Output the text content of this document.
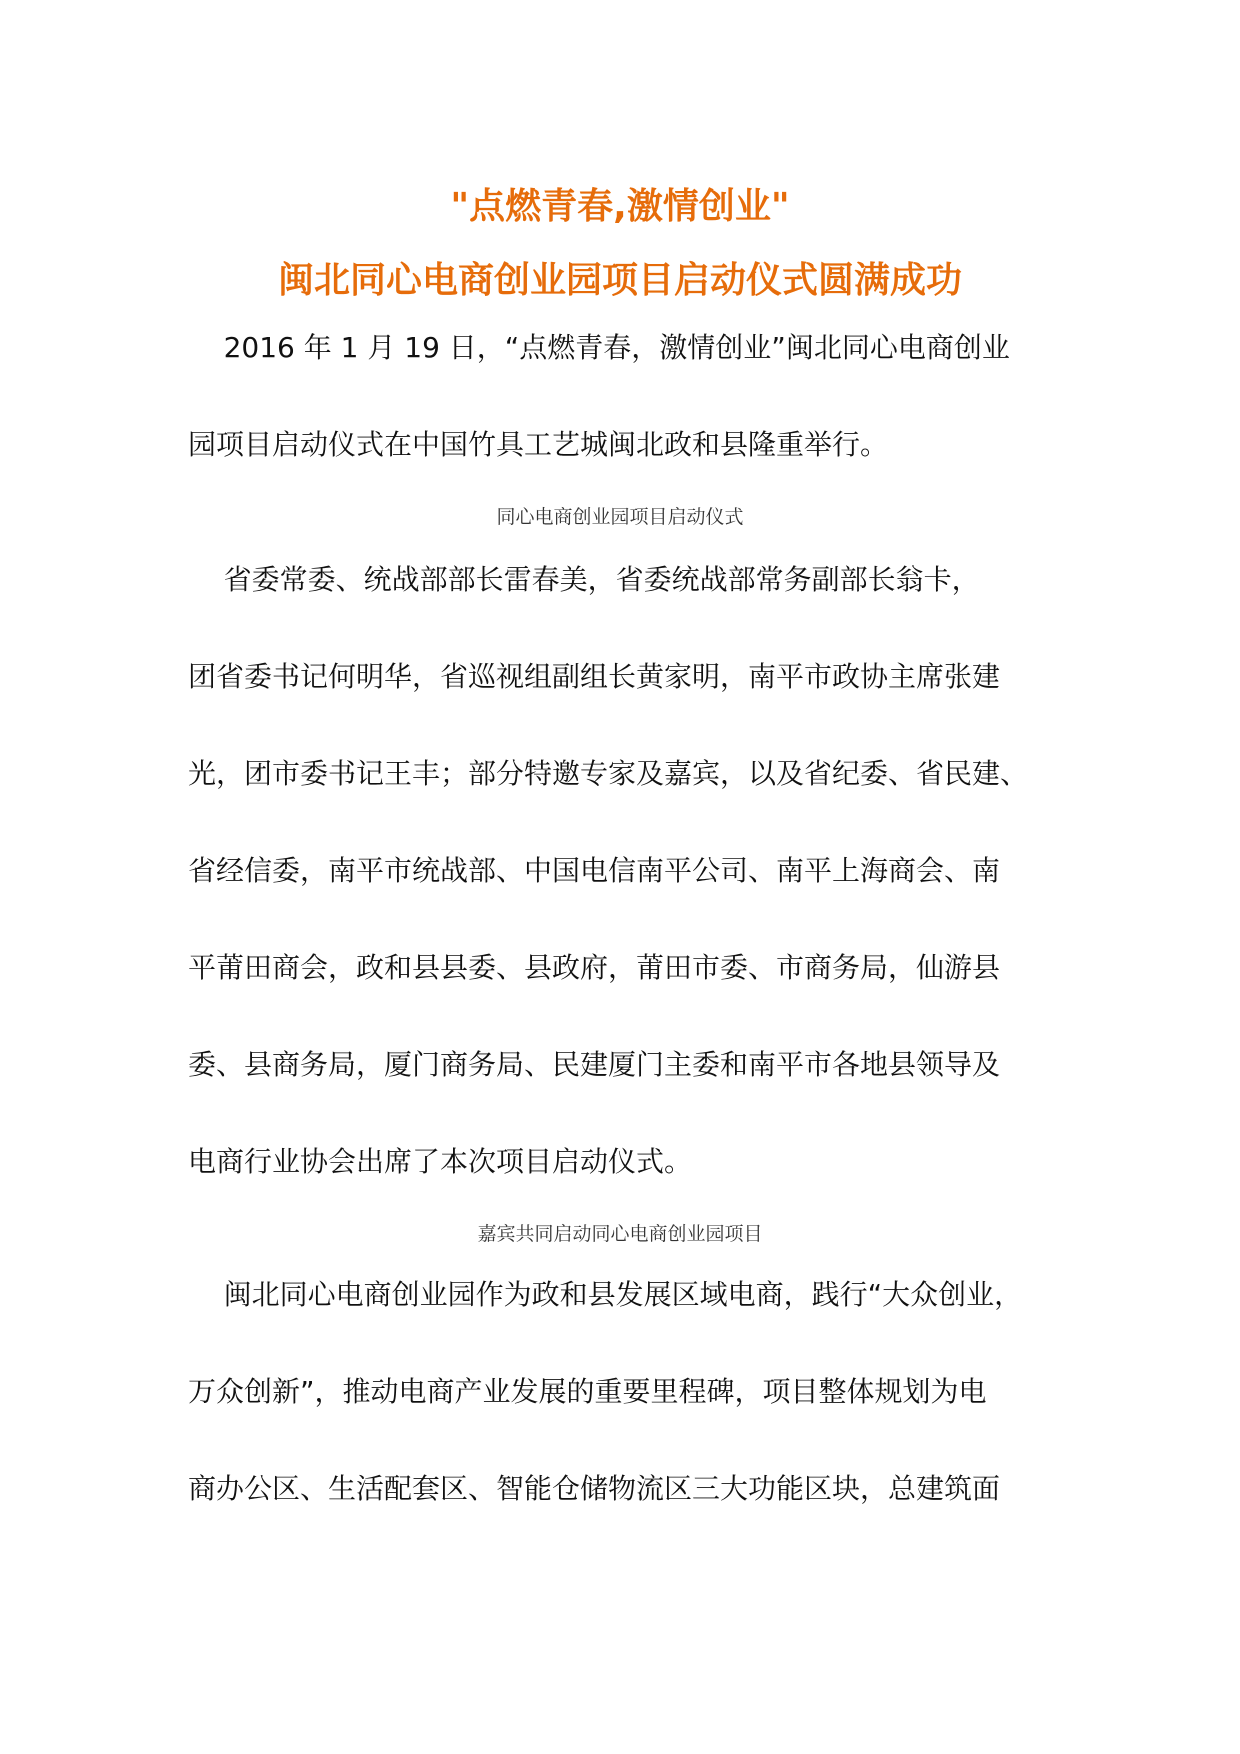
"点燃青春,激情创业"
闽北同心电商创业园项目启动仪式圆满成功
2016 年 1 月 19 日，“点燃青春，激情创业”闽北同心电商创业
园项目启动仪式在中国竹具工艺城闽北政和县隆重举行。
同心电商创业园项目启动仪式
省委常委、统战部部长雷春美，省委统战部常务副部长翁卡，
团省委书记何明华，省巡视组副组长黄家明，南平市政协主席张建
光，团市委书记王丰；部分特邀专家及嘉宾，以及省纪委、省民建、
省经信委，南平市统战部、中国电信南平公司、南平上海商会、南
平莆田商会，政和县县委、县政府，莆田市委、市商务局，仙游县
委、县商务局，厦门商务局、民建厦门主委和南平市各地县领导及
电商行业协会出席了本次项目启动仪式。
嘉宾共同启动同心电商创业园项目
闽北同心电商创业园作为政和县发展区域电商，践行“大众创业，
万众创新”，推动电商产业发展的重要里程碑，项目整体规划为电
商办公区、生活配套区、智能仓储物流区三大功能区块，总建筑面
